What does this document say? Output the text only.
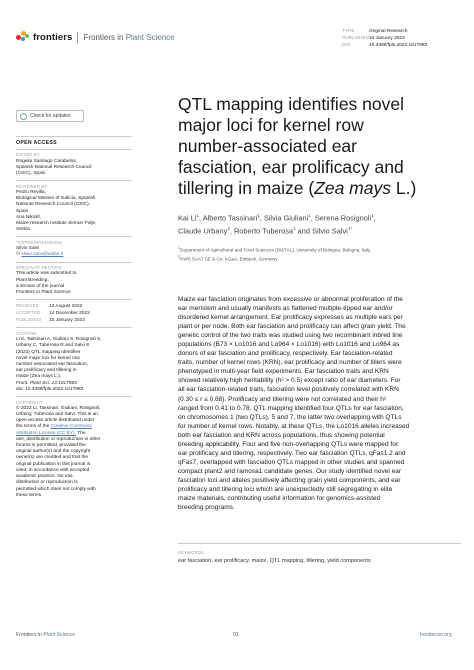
frontiers Frontiers in Plant Science
TYPE	Original Research
PUBLISHED10 January 2023
DOI	10.3389/fpls.2022.1017983
Check for updates
OPEN ACCESS
EDITED BY
Rogelio Santiago Carabelos,
Spanish National Research Council
(CSIC), Spain
REVIEWED BY
Pedro Revilla,
Biological Mission of Galicia, Spanish
National Research Council (CSIC),
Spain
Ana Nikolić,
Maize research Institute Zemun Polje,
Serbia
*CORRESPONDENCE
Silvio Salvi
✉ silvio.salvi@unibo.it
SPECIALTY SECTION
This article was submitted to
Plant Breeding,
a section of the journal
Frontiers in Plant Science
RECEIVED 12 August 2022
ACCEPTED 14 December 2022
PUBLISHED 10 January 2023
CITATION
Li K, Tassinari A, Giuliani S, Rosignoli S,
Urbany C, Tuberosa R and Salvi S
(2023) QTL mapping identifies
novel major loci for kernel row
number-associated ear fasciation,
ear prolificacy and tillering in
maize (Zea mays L.).
Front. Plant Sci. 13:1017983.
doi: 10.3389/fpls.2022.1017983
COPYRIGHT
© 2023 Li, Tassinari, Giuliani, Rosignoli,
Urbany, Tuberosa and Salvi. This is an
open-access article distributed under
the terms of the Creative Commons
Attribution License (CC BY). The
use, distribution or reproduction in other
forums is permitted, provided the
original author(s) and the copyright
owner(s) are credited and that the
original publication in this journal is
cited, in accordance with accepted
academic practice. No use,
distribution or reproduction is
permitted which does not comply with
these terms.
QTL mapping identifies novel
major loci for kernel row
number-associated ear
fasciation, ear prolificacy and
tillering in maize (Zea mays L.)
Kai Li$^1$, Alberto Tassinari$^1$, Silvia Giuliani$^1$, Serena Rosignoli$^1$,
Claude Urbany$^2$, Roberto Tuberosa$^1$ and Silvio Salvi$^{1*}$
$^1$Department of Agricultural and Food Sciences (DISTAL), University of Bologna, Bologna, Italy,
$^2$KWS SAAT SE & Co. KGaA, Einbeck, Germany
Maize ear fasciation originates from excessive or abnormal proliferation of the
ear meristem and usually manifests as flattened multiple-tipped ear and/or
disordered kernel arrangement. Ear prolificacy expresses as multiple ears per
plant or per node. Both ear fasciation and prolificacy can affect grain yield. The
genetic control of the two traits was studied using two recombinant inbred line
populations (B73 × Lo1016 and Lo964 × Lo1016) with Lo1016 and Lo964 as
donors of ear fasciation and prolificacy, respectively. Ear fasciation-related
traits, number of kernel rows (KRN), ear prolificacy and number of tillers were
phenotyped in multi-year field experiments. Ear fasciation traits and KRN
showed relatively high heritability (h² > 0.5) except ratio of ear diameters. For
all ear fasciation-related traits, fasciation level positively correlated with KRN
(0.30 ≤ r ≤ 0.68). Prolificacy and tillering were not correlated and their h²
ranged from 0.41 to 0.78. QTL mapping identified four QTLs for ear fasciation,
on chromosomes 1 (two QTLs), 5 and 7, the latter two overlapping with QTLs
for number of kernel rows. Notably, at these QTLs, the Lo1016 alleles increased
both ear fasciation and KRN across populations, thus showing potential
breeding applicability. Four and five non-overlapping QTLs were mapped for
ear prolificacy and tillering, respectively. Two ear fasciation QTLs, qFas1.2 and
qFas7, overlapped with fasciation QTLs mapped in other studies and spanned
compact plant2 and ramosa1 candidate genes. Our study identified novel ear
fasciation loci and alleles positively affecting grain yield components, and ear
prolificacy and tillering loci which are unexpectedly still segregating in elite
maize materials, contributing useful information for genomics-assisted
breeding programs.
KEYWORDS
ear fasciation, ear prolificacy, maize, QTL mapping, tillering, yield components
Frontiers in Plant Science	01	frontiersin.org
